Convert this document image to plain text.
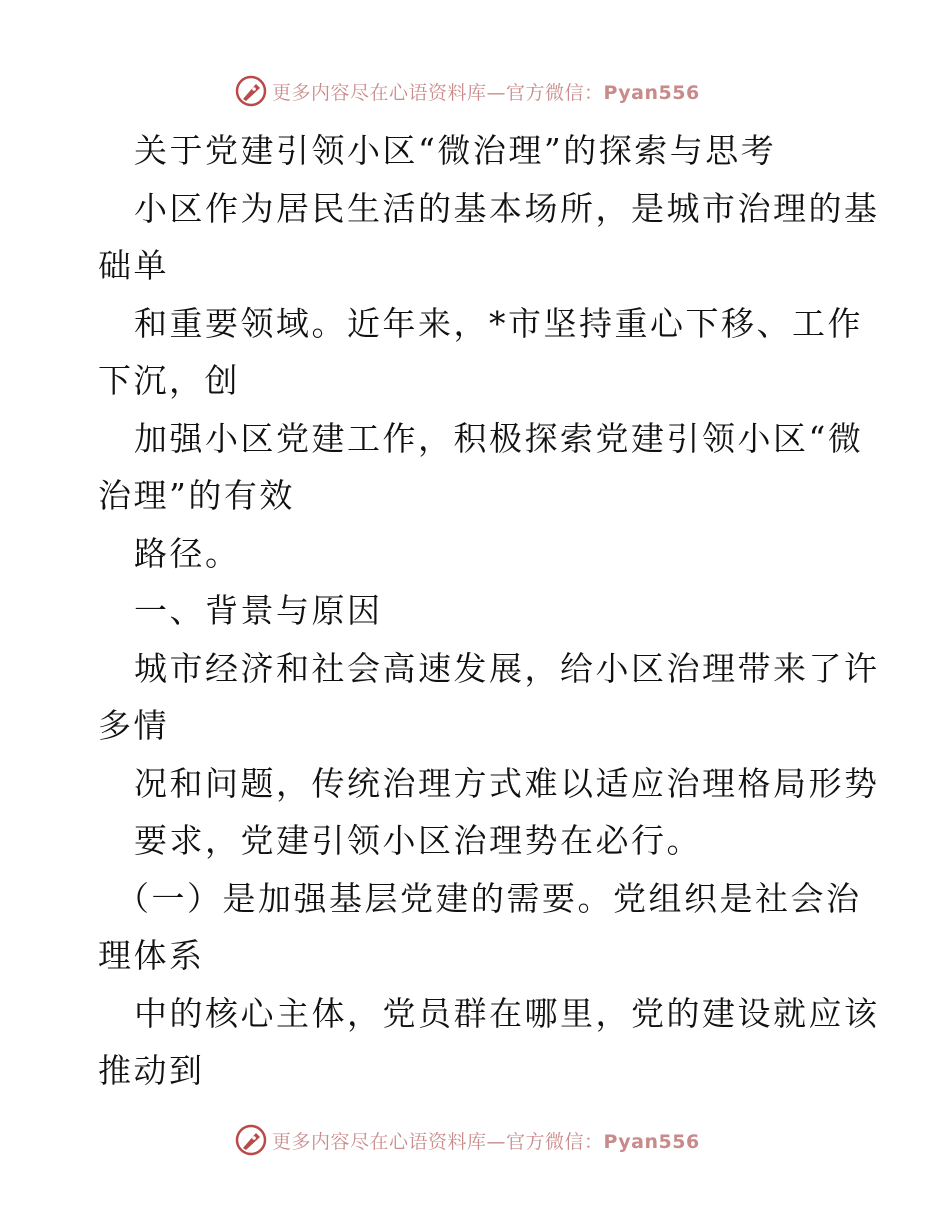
更多内容尽在心语资料库—官方微信：Pyan556
关于党建引领小区“微治理”的探索与思考
小区作为居民生活的基本场所，是城市治理的基
础单
和重要领域。近年来，*市坚持重心下移、工作
下沉，创
加强小区党建工作，积极探索党建引领小区“微
治理”的有效
路径。
一、背景与原因
城市经济和社会高速发展，给小区治理带来了许
多情
况和问题，传统治理方式难以适应治理格局形势
要求，党建引领小区治理势在必行。
（一）是加强基层党建的需要。党组织是社会治
理体系
中的核心主体，党员群在哪里，党的建设就应该
推动到
更多内容尽在心语资料库—官方微信：Pyan556
